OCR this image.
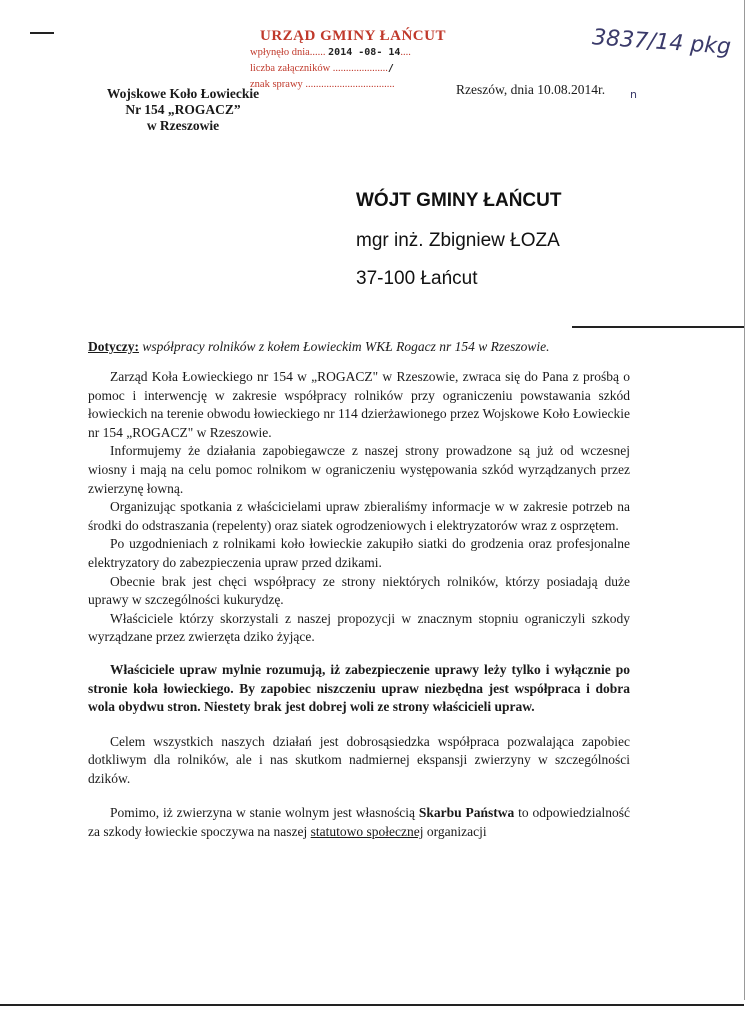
Wojskowe Koło Łowieckie
Nr 154 „ROGACZ”
w Rzeszowie
URZĄD GMINY ŁAŃCUT
wpłynęło dnia...... 2014 -08- 14....
liczba załączników ...................../
znak sprawy ..................................
3837/14 pkg
ո
Rzeszów, dnia 10.08.2014r.
WÓJT GMINY ŁAŃCUT
mgr inż. Zbigniew ŁOZA
37-100 Łańcut
Dotyczy: współpracy rolników z kołem Łowieckim WKŁ Rogacz nr 154 w Rzeszowie.

Zarząd Koła Łowieckiego nr 154 w „ROGACZ" w Rzeszowie, zwraca się do Pana z prośbą o pomoc i interwencję w zakresie współpracy rolników przy ograniczeniu powstawania szkód łowieckich na terenie obwodu łowieckiego nr 114 dzierżawionego przez Wojskowe Koło Łowieckie nr 154 „ROGACZ" w Rzeszowie.

Informujemy że działania zapobiegawcze z naszej strony prowadzone są już od wczesnej wiosny i mają na celu pomoc rolnikom w ograniczeniu występowania szkód wyrządzanych przez zwierzynę łowną.

Organizując spotkania z właścicielami upraw zbieraliśmy informacje w w zakresie potrzeb na środki do odstraszania (repelenty) oraz siatek ogrodzeniowych i elektryzatorów wraz z osprzętem.

Po uzgodnieniach z rolnikami koło łowieckie zakupiło siatki do grodzenia oraz profesjonalne elektryzatory do zabezpieczenia upraw przed dzikami.

Obecnie brak jest chęci współpracy ze strony niektórych rolników, którzy posiadają duże uprawy w szczególności kukurydzę.

Właściciele którzy skorzystali z naszej propozycji w znacznym stopniu ograniczyli szkody wyrządzane przez zwierzęta dziko żyjące.

Właściciele upraw mylnie rozumują, iż zabezpieczenie uprawy leży tylko i wyłącznie po stronie koła łowieckiego. By zapobiec niszczeniu upraw niezbędna jest współpraca i dobra wola obydwu stron. Niestety brak jest dobrej woli ze strony właścicieli upraw.

Celem wszystkich naszych działań jest dobrosąsiedzka współpraca pozwalająca zapobiec dotkliwym dla rolników, ale i nas skutkom nadmiernej ekspansji zwierzyny w szczególności dzików.

Pomimo, iż zwierzyna w stanie wolnym jest własnością Skarbu Państwa to odpowiedzialność za szkody łowieckie spoczywa na naszej statutowo społecznej organizacji
